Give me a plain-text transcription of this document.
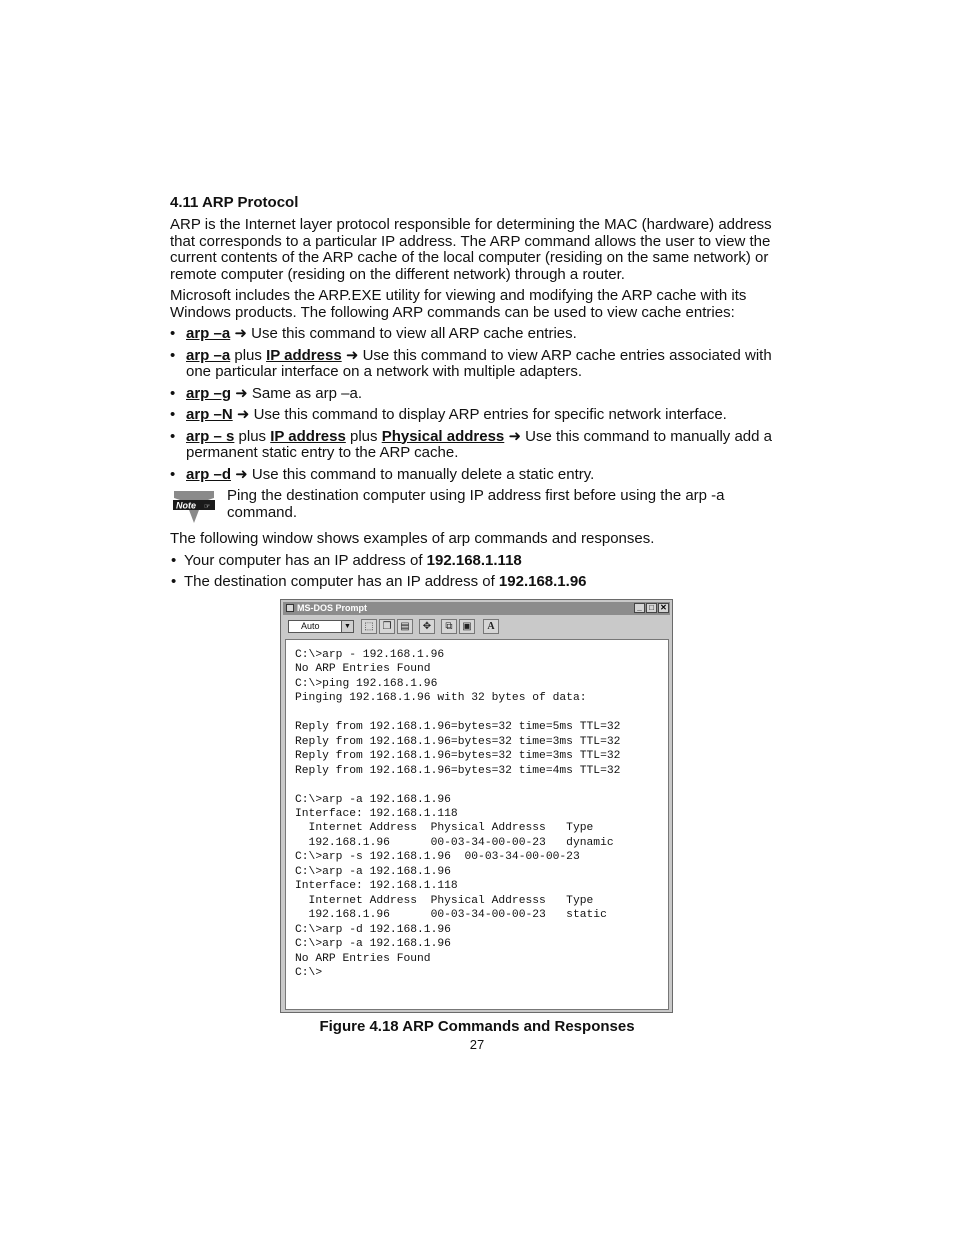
4.11 ARP Protocol

ARP is the Internet layer protocol responsible for determining the MAC (hardware) address that corresponds to a particular IP address. The ARP command allows the user to view the current contents of the ARP cache of the local computer (residing on the same network) or remote computer (residing on the different network) through a router.

Microsoft includes the ARP.EXE utility for viewing and modifying the ARP cache with its Windows products. The following ARP commands can be used to view cache entries:

• arp –a ➜ Use this command to view all ARP cache entries.
• arp –a plus IP address ➜ Use this command to view ARP cache entries associated with one particular interface on a network with multiple adapters.
• arp –g ➜ Same as arp –a.
• arp –N ➜ Use this command to display ARP entries for specific network interface.
• arp – s plus IP address plus Physical address ➜ Use this command to manually add a permanent static entry to the ARP cache.
• arp –d ➜ Use this command to manually delete a static entry.
Note ☞
Ping the destination computer using IP address first before using the arp -a command.

The following window shows examples of arp commands and responses.

• Your computer has an IP address of 192.168.1.118
• The destination computer has an IP address of 192.168.1.96
MS-DOS Prompt	_ □ ✕
Auto	▼	⬚ ❐ ▤	✥	⧉ ▣	A
C:\>arp - 192.168.1.96
No ARP Entries Found
C:\>ping 192.168.1.96
Pinging 192.168.1.96 with 32 bytes of data:

Reply from 192.168.1.96=bytes=32 time=5ms TTL=32
Reply from 192.168.1.96=bytes=32 time=3ms TTL=32
Reply from 192.168.1.96=bytes=32 time=3ms TTL=32
Reply from 192.168.1.96=bytes=32 time=4ms TTL=32

C:\>arp -a 192.168.1.96
Interface: 192.168.1.118
Internet Address  Physical Addresss   Type
192.168.1.96      00-03-34-00-00-23   dynamic
C:\>arp -s 192.168.1.96  00-03-34-00-00-23
C:\>arp -a 192.168.1.96
Interface: 192.168.1.118
Internet Address  Physical Addresss   Type
192.168.1.96      00-03-34-00-00-23   static
C:\>arp -d 192.168.1.96
C:\>arp -a 192.168.1.96
No ARP Entries Found
C:\>
Figure 4.18 ARP Commands and Responses
27
